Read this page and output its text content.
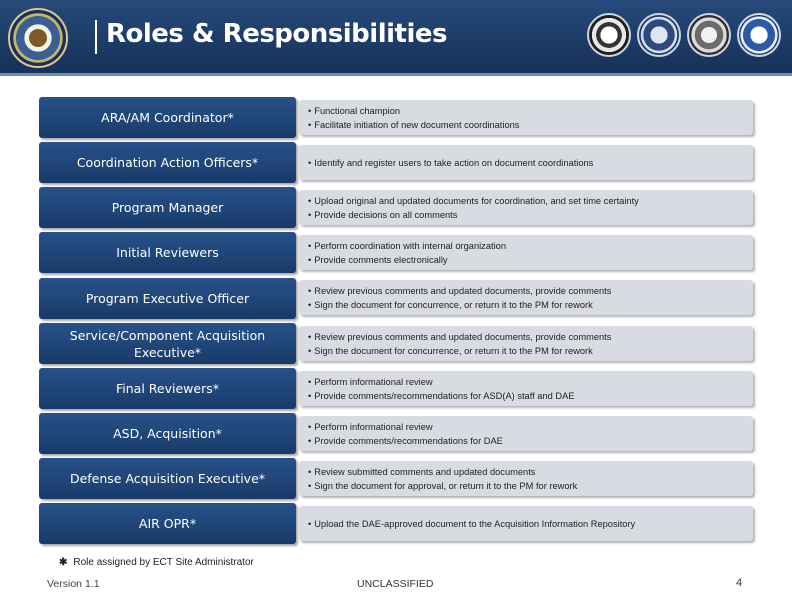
Roles & Responsibilities
ARA/AM Coordinator*	• Functional champion
• Facilitate initiation of new document coordinations
Coordination Action Officers*	• Identify and register users to take action on document coordinations
Program Manager	• Upload original and updated documents for coordination, and set time certainty
• Provide decisions on all comments
Initial Reviewers	• Perform coordination with internal organization
• Provide comments electronically
Program Executive Officer
• Review previous comments and updated documents, provide comments
• Sign the document for concurrence, or return it to the PM for rework
Service/Component Acquisition Executive*
• Review previous comments and updated documents, provide comments
• Sign the document for concurrence, or return it to the PM for rework
Final Reviewers*	• Perform informational review
• Provide comments/recommendations for ASD(A) staff and DAE
ASD, Acquisition*	• Perform informational review
• Provide comments/recommendations for DAE
Defense Acquisition Executive*	• Review submitted comments and updated documents
• Sign the document for approval, or return it to the PM for rework
AIR OPR*	• Upload the DAE-approved document to the Acquisition Information Repository
✱ Role assigned by ECT Site Administrator
Version 1.1	UNCLASSIFIED	4
